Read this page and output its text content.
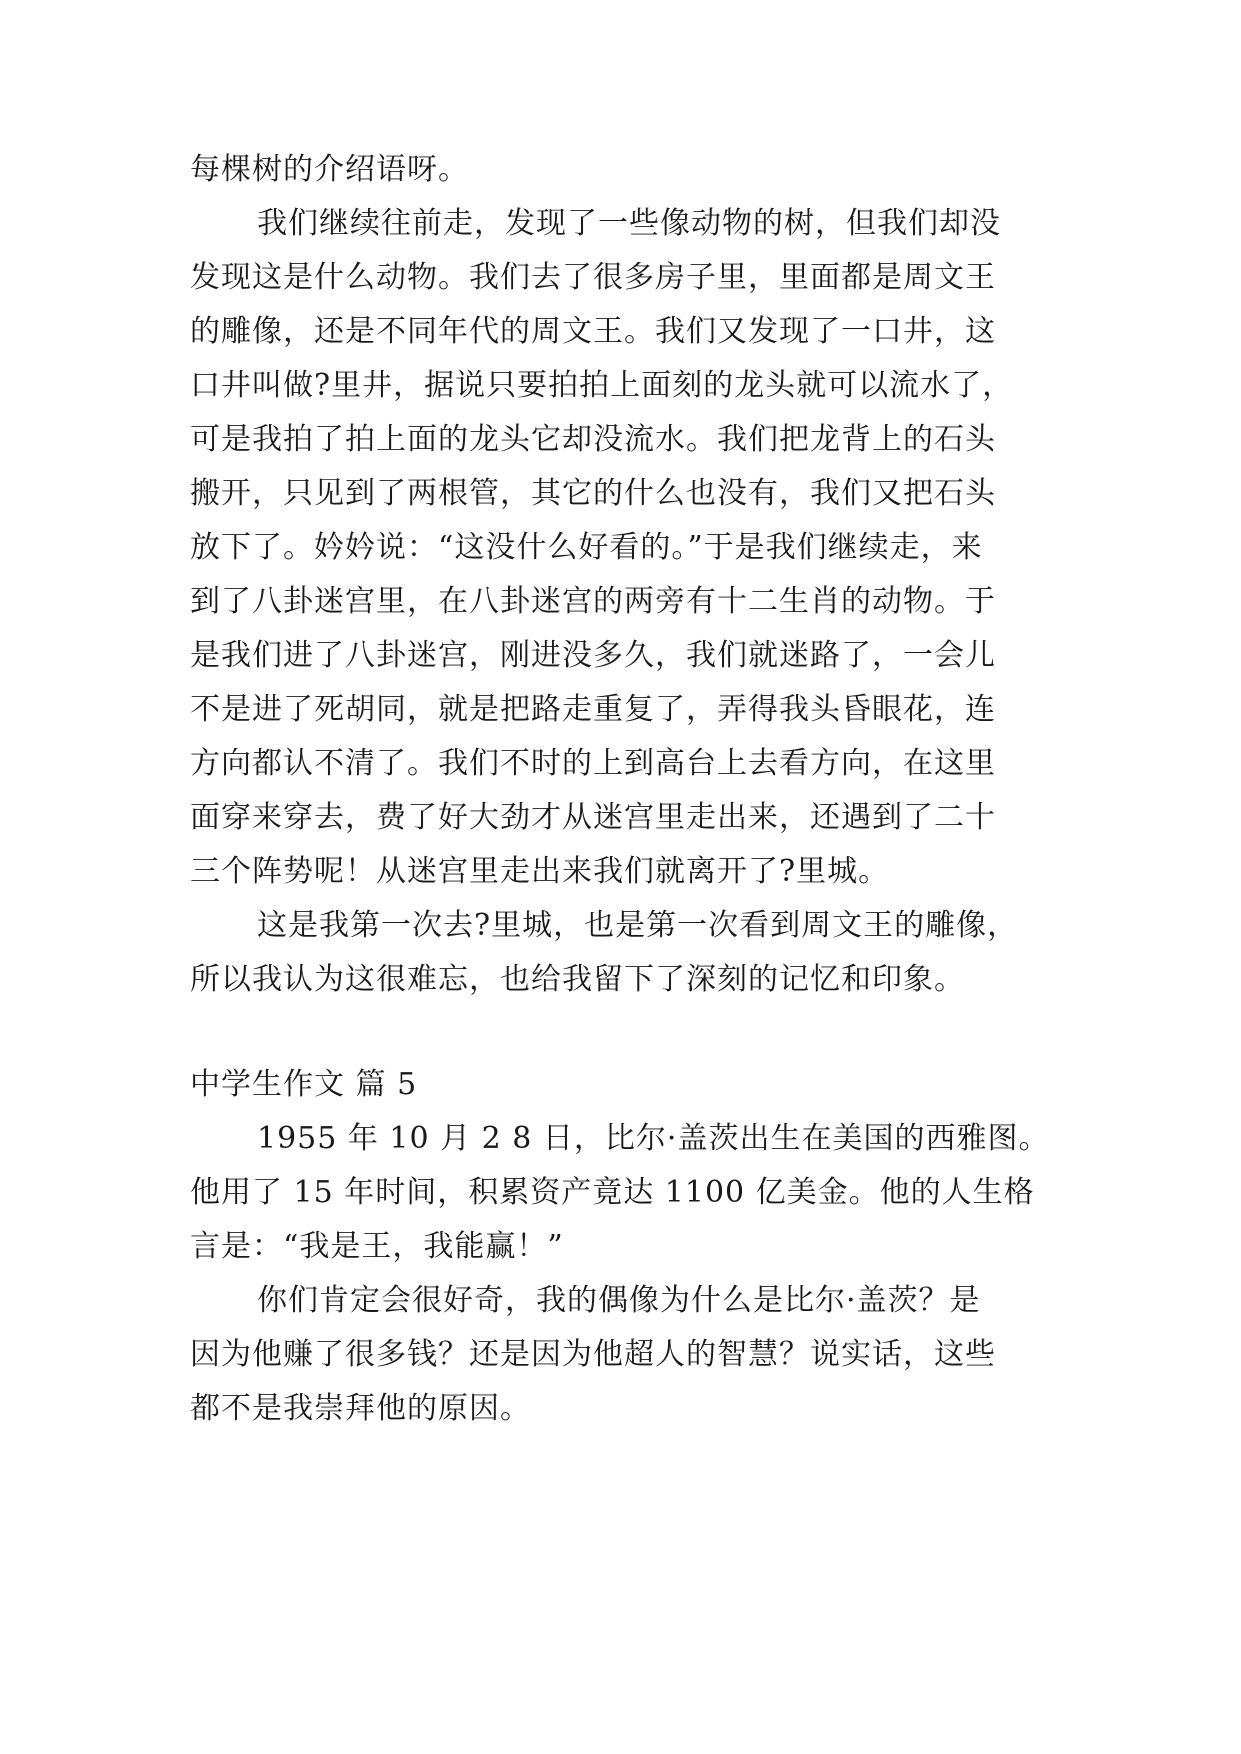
每棵树的介绍语呀。
我们继续往前走，发现了一些像动物的树，但我们却没
发现这是什么动物。我们去了很多房子里，里面都是周文王
的雕像，还是不同年代的周文王。我们又发现了一口井，这
口井叫做?里井，据说只要拍拍上面刻的龙头就可以流水了，
可是我拍了拍上面的龙头它却没流水。我们把龙背上的石头
搬开，只见到了两根管，其它的什么也没有，我们又把石头
放下了。妗妗说：“这没什么好看的。”于是我们继续走，来
到了八卦迷宫里，在八卦迷宫的两旁有十二生肖的动物。于
是我们进了八卦迷宫，刚进没多久，我们就迷路了，一会儿
不是进了死胡同，就是把路走重复了，弄得我头昏眼花，连
方向都认不清了。我们不时的上到高台上去看方向，在这里
面穿来穿去，费了好大劲才从迷宫里走出来，还遇到了二十
三个阵势呢！从迷宫里走出来我们就离开了?里城。
这是我第一次去?里城，也是第一次看到周文王的雕像，
所以我认为这很难忘，也给我留下了深刻的记忆和印象。
中学生作文 篇 5
1955 年 10 月 2 8 日，比尔·盖茨出生在美国的西雅图。
他用了 15 年时间，积累资产竟达 1100 亿美金。他的人生格
言是：“我是王，我能赢！”
你们肯定会很好奇，我的偶像为什么是比尔·盖茨？是
因为他赚了很多钱？还是因为他超人的智慧？说实话，这些
都不是我崇拜他的原因。
